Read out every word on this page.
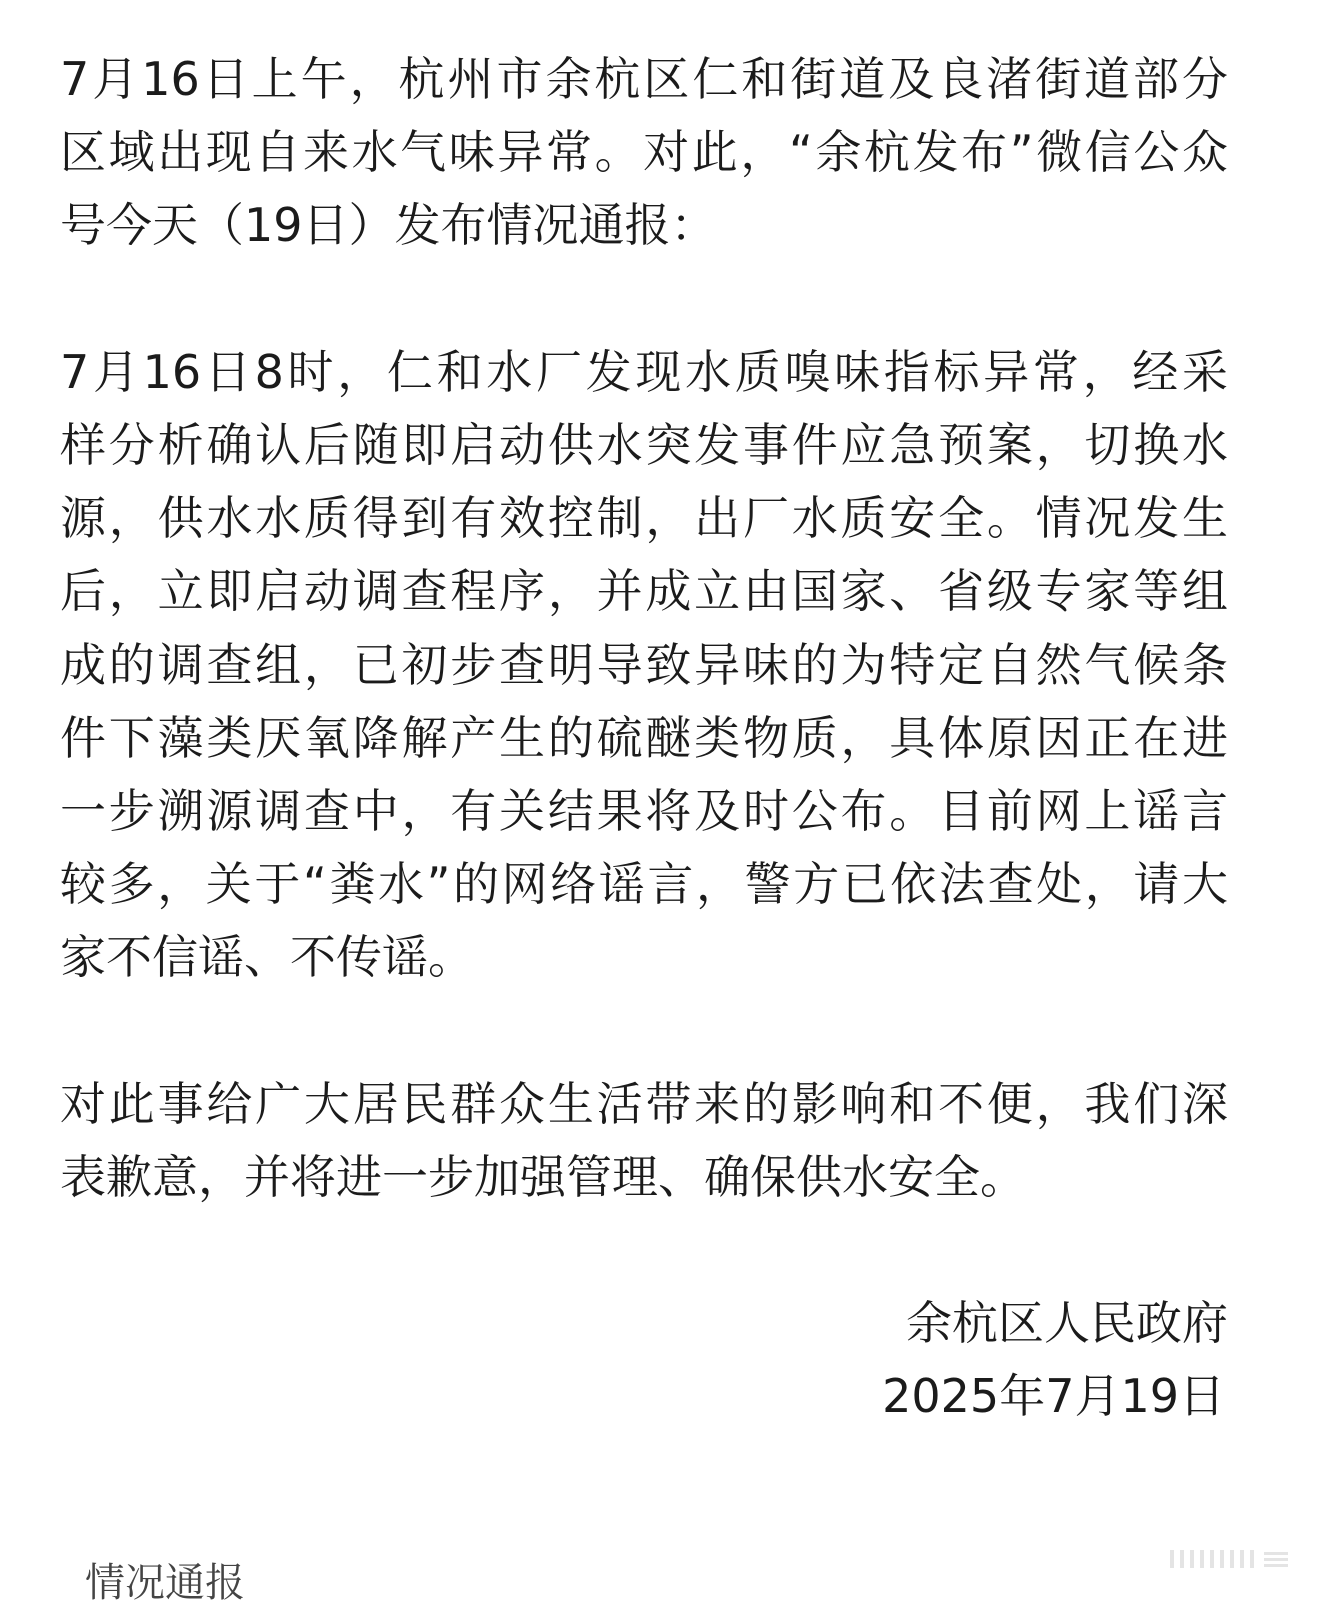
7月16日上午，杭州市余杭区仁和街道及良渚街道部分
区域出现自来水气味异常。对此，“余杭发布”微信公众
号今天（19日）发布情况通报：
7月16日8时，仁和水厂发现水质嗅味指标异常，经采
样分析确认后随即启动供水突发事件应急预案，切换水
源，供水水质得到有效控制，出厂水质安全。情况发生
后，立即启动调查程序，并成立由国家、省级专家等组
成的调查组，已初步查明导致异味的为特定自然气候条
件下藻类厌氧降解产生的硫醚类物质，具体原因正在进
一步溯源调查中，有关结果将及时公布。目前网上谣言
较多，关于“粪水”的网络谣言，警方已依法查处，请大
家不信谣、不传谣。
对此事给广大居民群众生活带来的影响和不便，我们深
表歉意，并将进一步加强管理、确保供水安全。
余杭区人民政府
2025年7月19日
情况通报
